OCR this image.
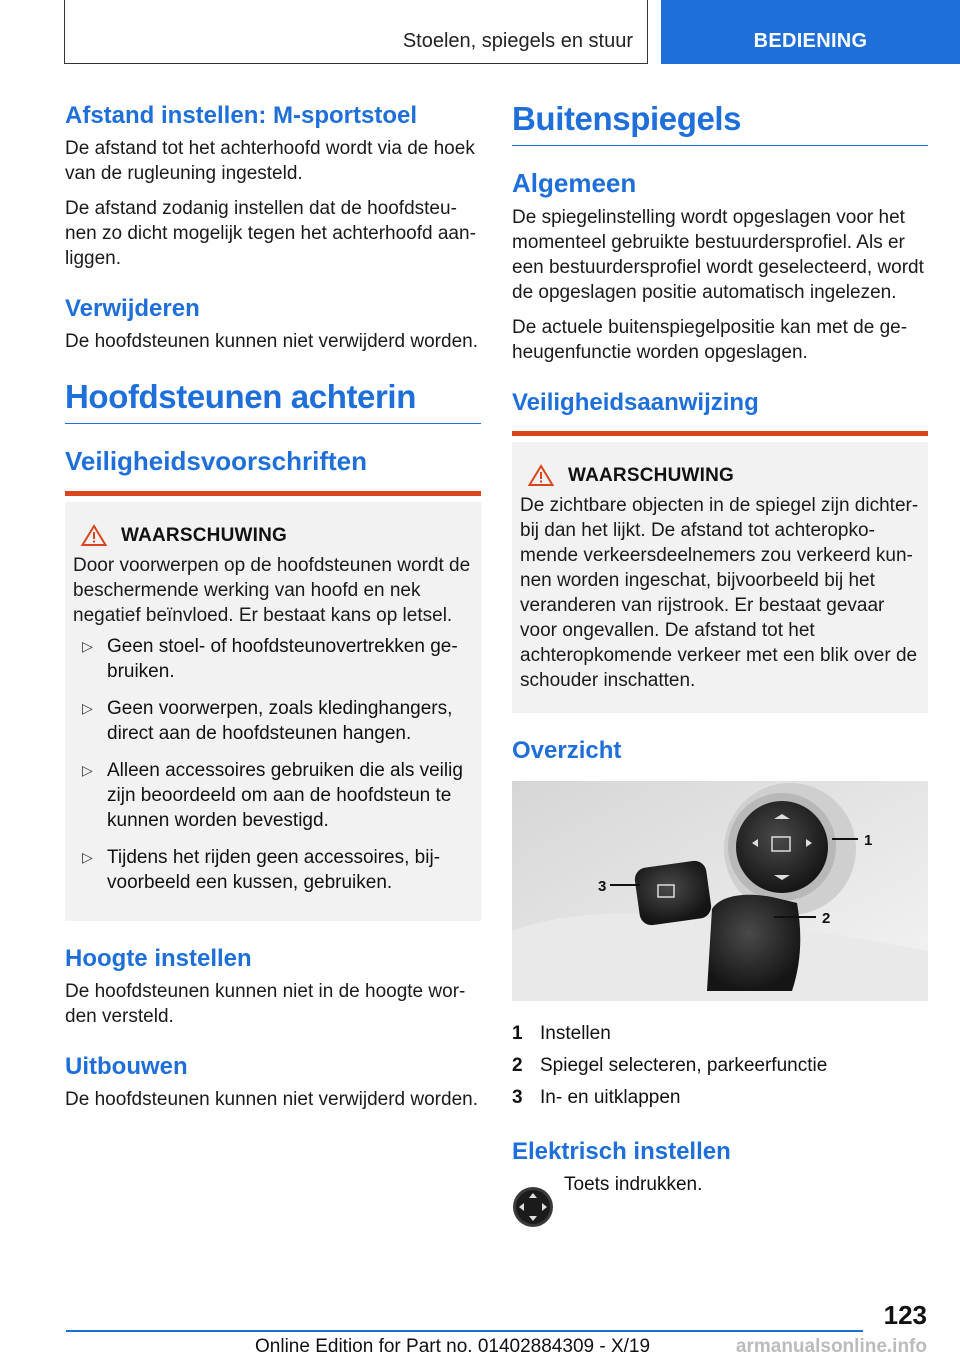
Stoelen, spiegels en stuur	BEDIENING
Afstand instellen: M-sportstoel

De afstand tot het achterhoofd wordt via de hoek van de rugleuning ingesteld.

De afstand zodanig instellen dat de hoofdsteunen zo dicht mogelijk tegen het achterhoofd aanliggen.

Verwijderen

De hoofdsteunen kunnen niet verwijderd worden.

Hoofdsteunen achterin
Veiligheidsvoorschriften
WAARSCHUWING

Door voorwerpen op de hoofdsteunen wordt de beschermende werking van hoofd en nek negatief beïnvloed. Er bestaat kans op letsel.

▷ Geen stoel- of hoofdsteunovertrekken gebruiken.
▷ Geen voorwerpen, zoals kledinghangers, direct aan de hoofdsteunen hangen.
▷ Alleen accessoires gebruiken die als veilig zijn beoordeeld om aan de hoofdsteun te kunnen worden bevestigd.
▷ Tijdens het rijden geen accessoires, bijvoorbeeld een kussen, gebruiken.
Hoogte instellen

De hoofdsteunen kunnen niet in de hoogte worden versteld.

Uitbouwen

De hoofdsteunen kunnen niet verwijderd worden.

Buitenspiegels
Algemeen

De spiegelinstelling wordt opgeslagen voor het momenteel gebruikte bestuurdersprofiel. Als er een bestuurdersprofiel wordt geselecteerd, wordt de opgeslagen positie automatisch ingelezen.

De actuele buitenspiegelpositie kan met de geheugenfunctie worden opgeslagen.

Veiligheidsaanwijzing
WAARSCHUWING

De zichtbare objecten in de spiegel zijn dichterbij dan het lijkt. De afstand tot achteropkomende verkeersdeelnemers zou verkeerd kunnen worden ingeschat, bijvoorbeeld bij het veranderen van rijstrook. Er bestaat gevaar voor ongevallen. De afstand tot het achteropkomende verkeer met een blik over de schouder inschatten.

Overzicht
1
2
3
1 Instellen
2 Spiegel selecteren, parkeerfunctie
3 In- en uitklappen
Elektrisch instellen
Toets indrukken.
123
Online Edition for Part no. 01402884309 - X/19	armanualsonline.info
